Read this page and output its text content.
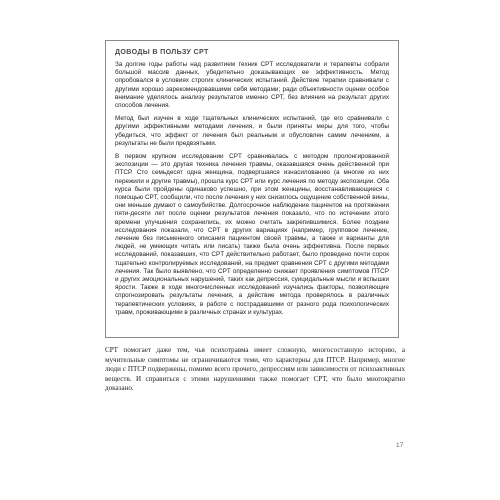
ДОВОДЫ В ПОЛЬЗУ CPT

За долгие годы работы над развитием техник CPT исследователи и терапевты собрали большой массив данных, убедительно доказывающих ее эффективность. Метод опробовался в условиях строгих клинических испытаний. Действие терапии сравнивали с другими хорошо зарекомендовавшими себя методами; ради объективности оценки особое внимание уделялось анализу результатов именно CPT, без влияния на результат других способов лечения.

Метод был изучен в ходе тщательных клинических испытаний, где его сравнивали с другими эффективными методами лечения, и были приняты меры для того, чтобы убедиться, что эффект от лечения был реальным и обусловлен самим лечением, а результаты не были предвзятыми.

В первом крупном исследовании CPT сравнивалась с методом пролонгированной экспозиции — это другая техника лечения травмы, оказавшаяся очень действенной при ПТСР. Сто семьдесят одна женщина, подвергшаяся изнасилованию (а многие из них пережили и другие травмы), прошла курс CPT или курс лечения по методу экспозиции. Оба курса были пройдены одинаково успешно, при этом женщины, восстанавливающиеся с помощью CPT, сообщили, что после лечения у них снизилось ощущение собственной вины, они меньше думают о самоубийстве. Долгосрочное наблюдение пациентов на протяжении пяти-десяти лет после оценки результатов лечения показало, что по истечении этого времени улучшения сохранились, их можно считать закрепившимися. Более поздние исследования показали, что CPT в других вариациях (например, групповое лечение, лечение без письменного описания пациентом своей травмы, а также и варианты для людей, не умеющих читать или писать) также была очень эффективна. После первых исследований, показавших, что CPT действительно работает, было проведено почти сорок тщательно контролируемых исследований, на предмет сравнения CPT с другими методами лечения. Так было выявлено, что CPT определенно снижает проявления симптомов ПТСР и других эмоциональных нарушений, таких как депрессия, суицидальные мысли и вспышки ярости. Также в ходе многочисленных исследований изучались факторы, позволяющие спрогнозировать результаты лечения, а действие метода проверялось в различных терапевтических условиях, в работе с пострадавшими от разного рода психологических травм, проживающими в различных странах и культурах.

CPT помогает даже тем, чья психотравма имеет сложную, многосоставную историю, а мучительные симптомы не ограничиваются теми, что характерны для ПТСР. Например, многие люди с ПТСР подвержены, помимо всего прочего, депрессиям или зависимости от психоактивных веществ. И справиться с этими нарушениями также помогает CPT, что было многократно доказано.

17
